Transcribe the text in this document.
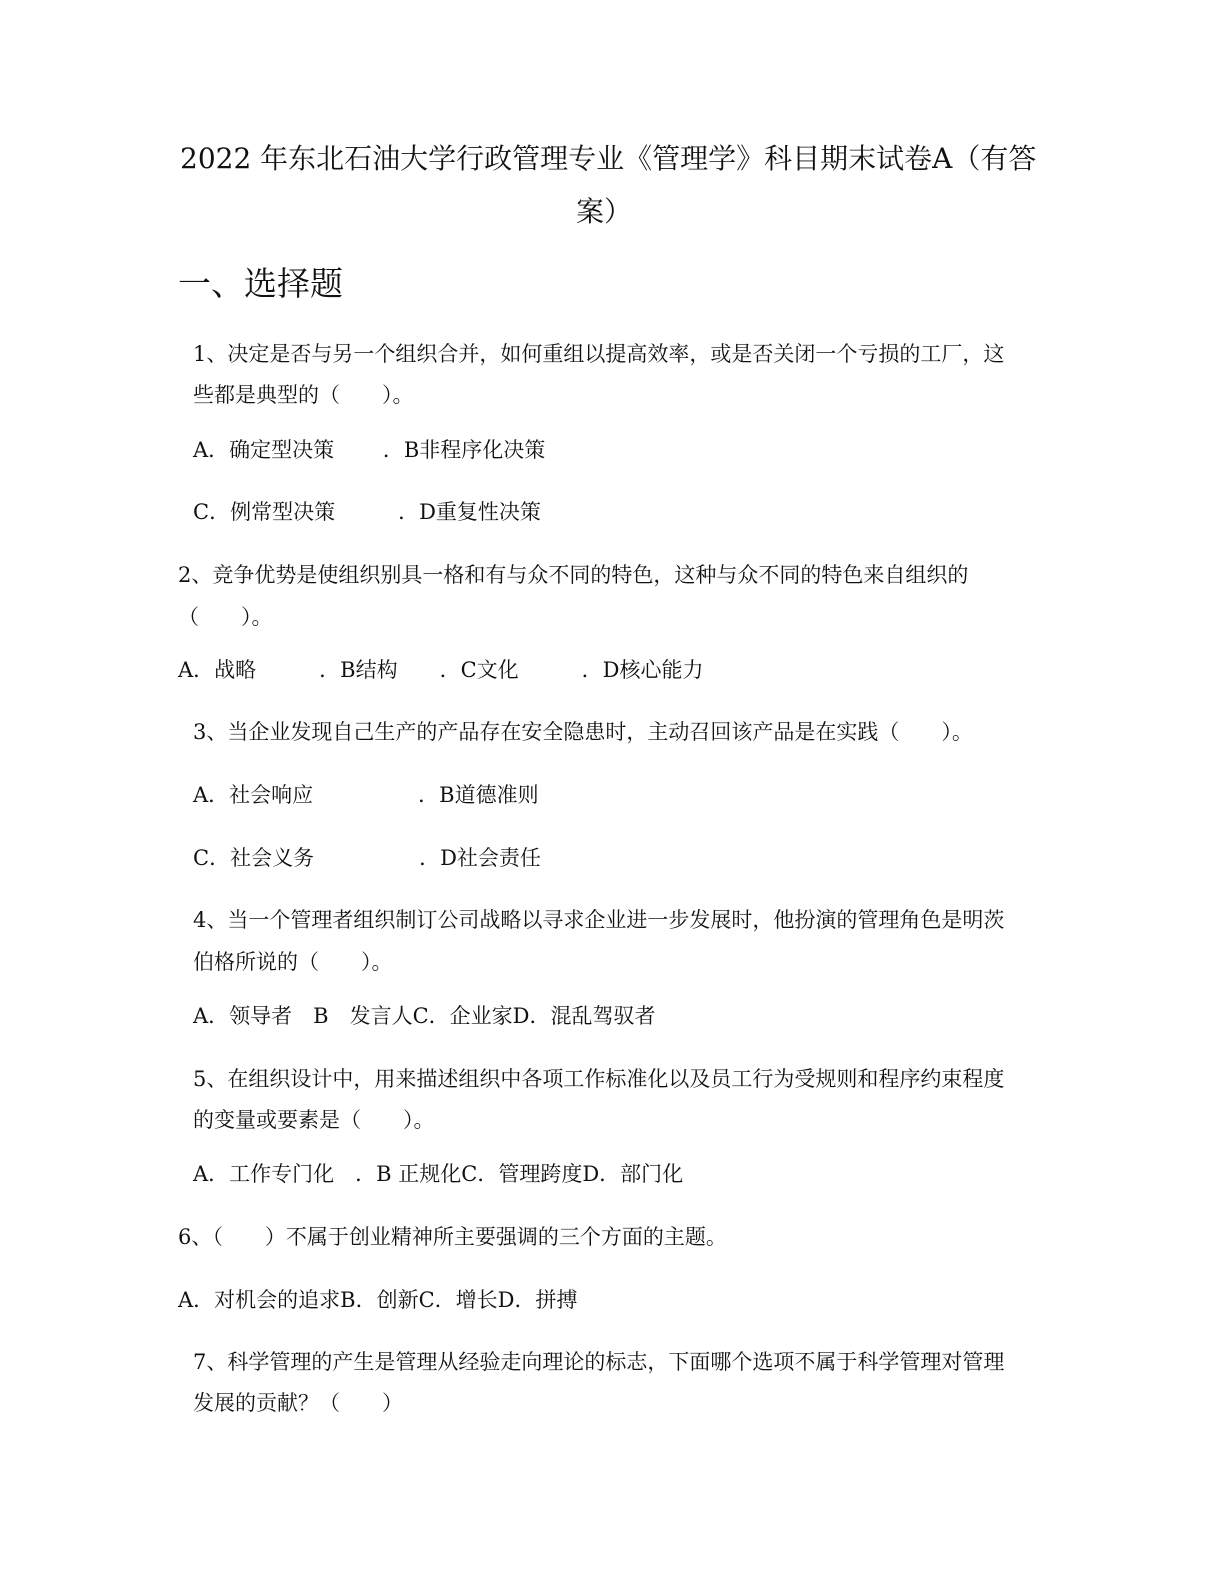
2022 年东北石油大学行政管理专业《管理学》科目期末试卷A（有答
案）
一、选择题
1、决定是否与另一个组织合并，如何重组以提高效率，或是否关闭一个亏损的工厂，这
些都是典型的（　　）。
A．确定型决策　　 ．B非程序化决策
C．例常型决策　　　．D重复性决策
2、竞争优势是使组织别具一格和有与众不同的特色，这种与众不同的特色来自组织的
（　　）。
A．战略　　　．B结构　　．C文化　　　．D核心能力
3、当企业发现自己生产的产品存在安全隐患时，主动召回该产品是在实践（　　）。
A．社会响应　　　　　．B道德准则
C．社会义务　　　　　．D社会责任
4、当一个管理者组织制订公司战略以寻求企业进一步发展时，他扮演的管理角色是明茨
伯格所说的（　　）。
A．领导者　B　发言人C．企业家D．混乱驾驭者
5、在组织设计中，用来描述组织中各项工作标准化以及员工行为受规则和程序约束程度
的变量或要素是（　　）。
A．工作专门化　．B 正规化C．管理跨度D．部门化
6、（　　）不属于创业精神所主要强调的三个方面的主题。
A．对机会的追求B．创新C．增长D．拼搏
7、科学管理的产生是管理从经验走向理论的标志，下面哪个选项不属于科学管理对管理
发展的贡献？（　　）
